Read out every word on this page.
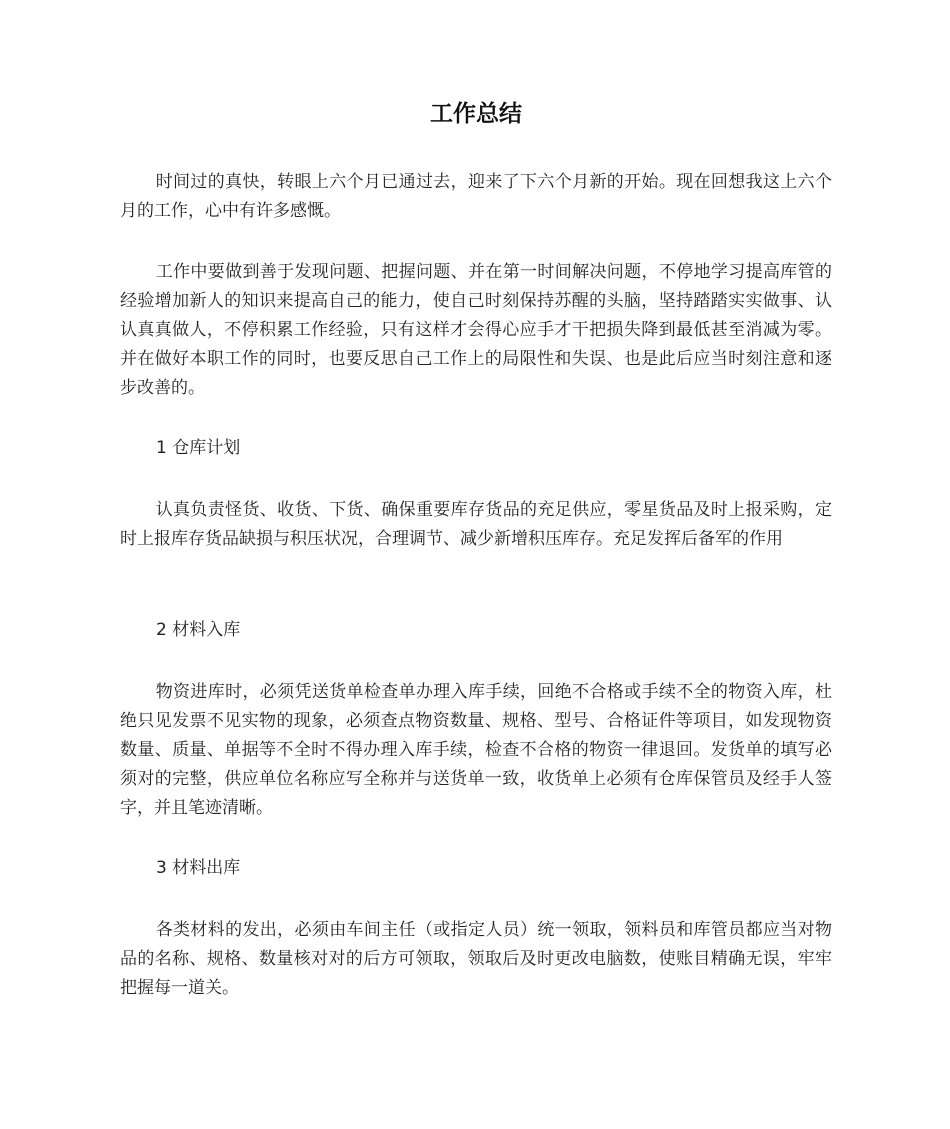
工作总结

时间过的真快，转眼上六个月已通过去，迎来了下六个月新的开始。现在回想我这上六个月的工作，心中有许多感慨。

工作中要做到善于发现问题、把握问题、并在第一时间解决问题，不停地学习提高库管的经验增加新人的知识来提高自己的能力，使自己时刻保持苏醒的头脑，坚持踏踏实实做事、认认真真做人，不停积累工作经验，只有这样才会得心应手才干把损失降到最低甚至消减为零。并在做好本职工作的同时，也要反思自己工作上的局限性和失误、也是此后应当时刻注意和逐步改善的。

1 仓库计划

认真负责怪货、收货、下货、确保重要库存货品的充足供应，零星货品及时上报采购，定时上报库存货品缺损与积压状况，合理调节、减少新增积压库存。充足发挥后备军的作用

2 材料入库

物资进库时，必须凭送货单检查单办理入库手续，回绝不合格或手续不全的物资入库，杜绝只见发票不见实物的现象，必须查点物资数量、规格、型号、合格证件等项目，如发现物资数量、质量、单据等不全时不得办理入库手续，检查不合格的物资一律退回。发货单的填写必须对的完整，供应单位名称应写全称并与送货单一致，收货单上必须有仓库保管员及经手人签字，并且笔迹清晰。

3 材料出库

各类材料的发出，必须由车间主任（或指定人员）统一领取，领料员和库管员都应当对物品的名称、规格、数量核对对的后方可领取，领取后及时更改电脑数，使账目精确无误，牢牢把握每一道关。
